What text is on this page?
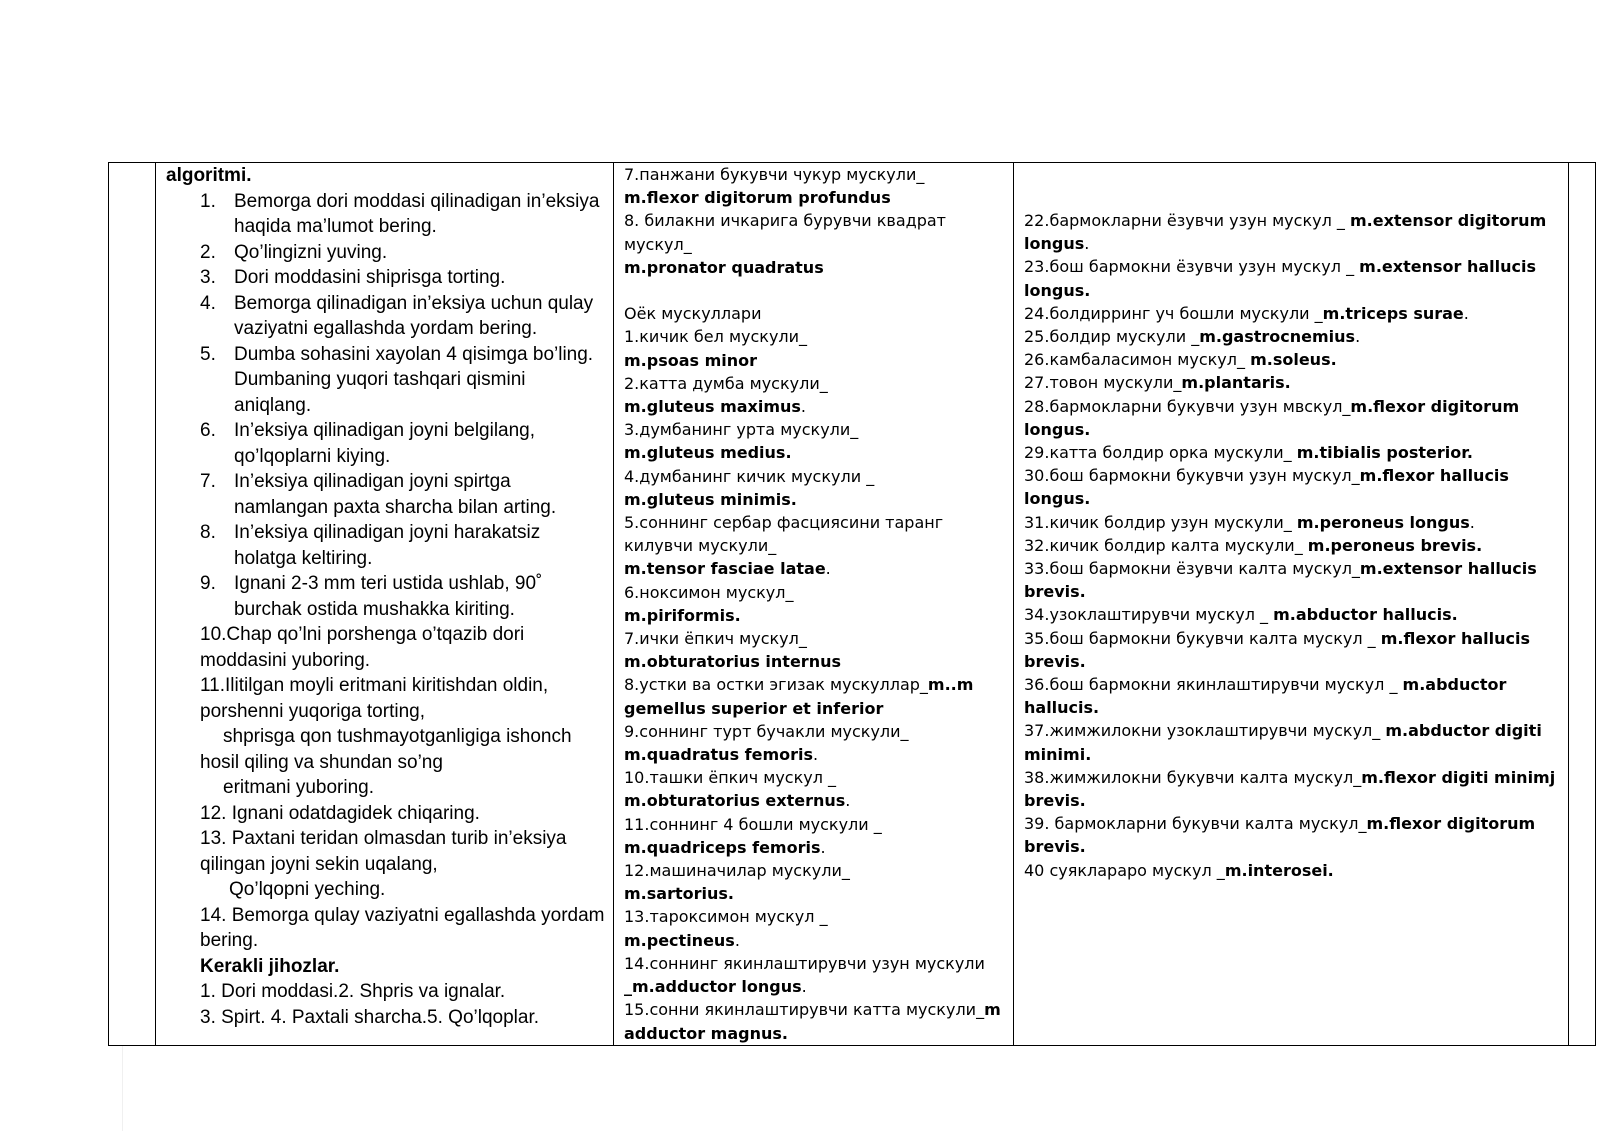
algoritmi.
1. Bemorga dori moddasi qilinadigan in’eksiya haqida ma’lumot bering.
2. Qo’lingizni yuving.
3. Dori moddasini shiprisga torting.
4. Bemorga qilinadigan in’eksiya uchun qulay vaziyatni egallashda yordam bering.
5. Dumba sohasini xayolan 4 qisimga bo’ling. Dumbaning yuqori tashqari qismini aniqlang.
6. In’eksiya qilinadigan joyni belgilang, qo’lqoplarni kiying.
7. In’eksiya qilinadigan joyni spirtga namlangan paxta sharcha bilan arting.
8. In’eksiya qilinadigan joyni harakatsiz holatga keltiring.
9. Ignani 2-3 mm teri ustida ushlab, 90˚ burchak ostida mushakka kiriting.
10.Chap qo’lni porshenga o’tqazib dori moddasini yuboring.
11.Ilitilgan moyli eritmani kiritishdan oldin, porshenni yuqoriga torting,
shprisga qon tushmayotganligiga ishonch hosil qiling va shundan so’ng
eritmani yuboring.
12. Ignani odatdagidek chiqaring.
13. Paxtani teridan olmasdan turib in’eksiya qilingan joyni sekin uqalang,
Qo’lqopni yeching.
14. Bemorga qulay vaziyatni egallashda yordam bering.
Kerakli jihozlar.
1. Dori moddasi.2. Shpris va ignalar.
3. Spirt. 4. Paxtali sharcha.5. Qo’lqoplar.

7.панжани букувчи чукур мускули_
m.flexor digitorum profundus
8. билакни ичкарига бурувчи квадрат мускул_
m.pronator quadratus
Оёк мускуллари
1.кичик бел мускули_
m.psoas minor
2.катта думба мускули_
m.gluteus maximus.
3.думбанинг урта мускули_
m.gluteus medius.
4.думбанинг кичик мускули _
m.gluteus minimis.
5.соннинг сербар фасциясини таранг килувчи мускули_
m.tensor fasciae latae.
6.ноксимон мускул_
m.piriformis.
7.ички ёпкич мускул_
m.obturatorius internus
8.устки ва остки эгизак мускуллар_m..m gemellus superior et inferior
9.соннинг турт бучакли мускули_
m.quadratus femoris.
10.ташки ёпкич мускул _
m.obturatorius externus.
11.соннинг 4 бошли мускули _
m.quadriceps femoris.
12.машиначилар мускули_
m.sartorius.
13.тароксимон мускул _
m.pectineus.
14.соннинг якинлаштирувчи узун мускули
_m.adductor longus.
15.сонни якинлаштирувчи катта мускули_m adductor magnus.

22.бармокларни ёзувчи узун мускул _ m.extensor digitorum longus.
23.бош бармокни ёзувчи узун мускул _ m.extensor hallucis longus.
24.болдирринг уч бошли мускули _m.triceps surae.
25.болдир мускули _m.gastrocnemius.
26.камбаласимон мускул_ m.soleus.
27.товон мускули_m.plantaris.
28.бармокларни букувчи узун мвскул_m.flexor digitorum longus.
29.катта болдир орка мускули_ m.tibialis posterior.
30.бош бармокни букувчи узун мускул_m.flexor hallucis longus.
31.кичик болдир узун мускули_ m.peroneus longus.
32.кичик болдир калта мускули_ m.peroneus brevis.
33.бош бармокни ёзувчи калта мускул_m.extensor hallucis brevis.
34.узоклаштирувчи мускул _ m.abductor hallucis.
35.бош бармокни букувчи калта мускул _ m.flexor hallucis brevis.
36.бош бармокни якинлаштирувчи мускул _ m.abductor hallucis.
37.жимжилокни узоклаштирувчи мускул_ m.abductor digiti minimi.
38.жимжилокни букувчи калта мускул_m.flexor digiti minimj brevis.
39. бармокларни букувчи калта мускул_m.flexor digitorum brevis.
40 суяклараро мускул _m.interosei.
